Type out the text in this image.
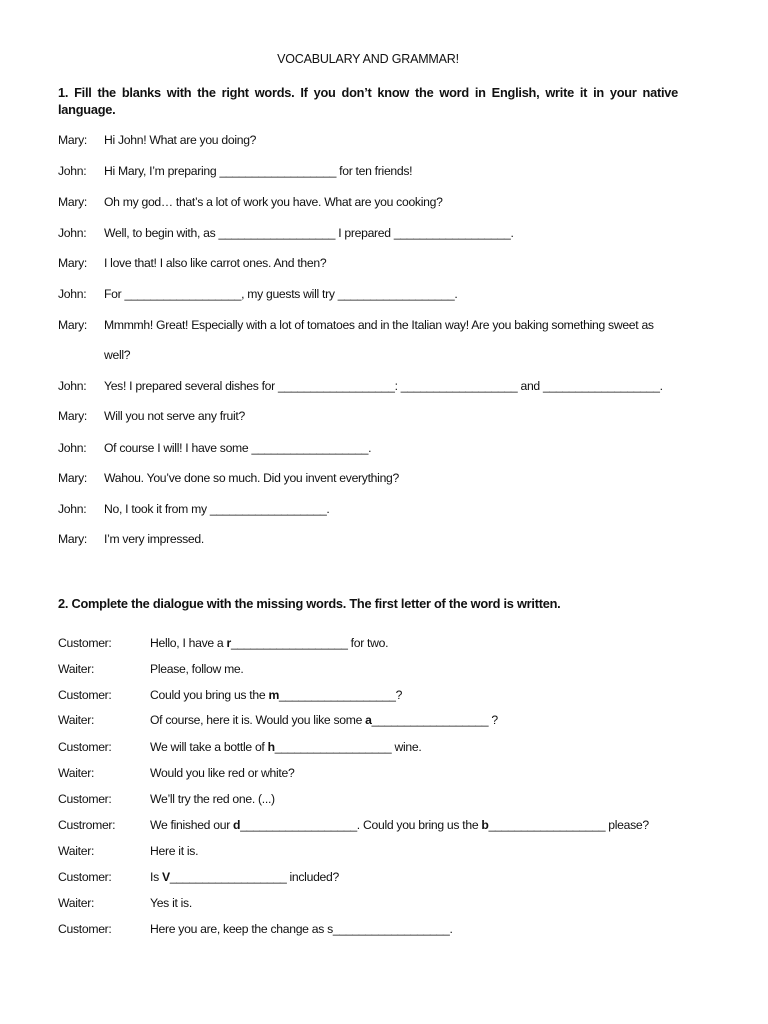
VOCABULARY AND GRAMMAR!
1. Fill the blanks with the right words. If you don’t know the word in English, write it in your native language.
Mary: Hi John! What are you doing?
John: Hi Mary, I’m preparing __________________ for ten friends!
Mary: Oh my god… that’s a lot of work you have. What are you cooking?
John: Well, to begin with, as __________________ I prepared __________________.
Mary: I love that! I also like carrot ones. And then?
John: For __________________, my guests will try __________________.
Mary: Mmmmh! Great! Especially with a lot of tomatoes and in the Italian way! Are you baking something sweet as
well?
John: Yes! I prepared several dishes for __________________: __________________ and __________________.
Mary: Will you not serve any fruit?
John: Of course I will! I have some __________________.
Mary: Wahou. You’ve done so much. Did you invent everything?
John: No, I took it from my __________________.
Mary: I’m very impressed.
2. Complete the dialogue with the missing words. The first letter of the word is written.
Customer:	Hello, I have a r__________________ for two.
Waiter:	Please, follow me.
Customer:	Could you bring us the m__________________?
Waiter:	Of course, here it is. Would you like some a__________________ ?
Customer:	We will take a bottle of h__________________ wine.
Waiter:	Would you like red or white?
Customer:	We’ll try the red one. (...)
Custromer:	We finished our d__________________. Could you bring us the b__________________ please?
Waiter:	Here it is.
Customer:	Is V__________________ included?
Waiter:	Yes it is.
Customer:	Here you are, keep the change as s__________________.
